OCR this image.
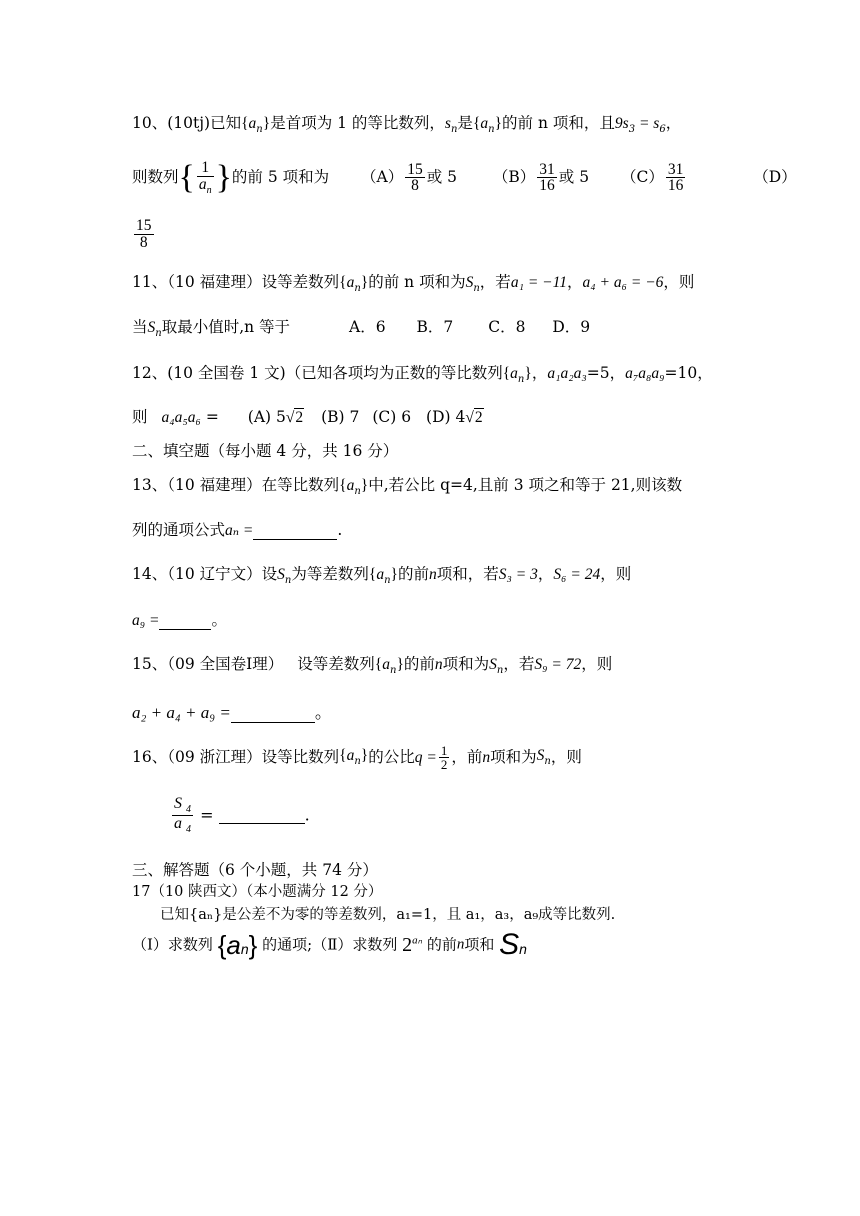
10、(10tj)已知$\{a_n\}$是首项为 1 的等比数列，$s_n$是$\{a_n\}$的前 n 项和，且$9s_3 = s_6$，
则数列{ $\frac{1}{a_n}$ }的前 5 项和为 $(A) \frac{15}{8}$ 或 5 $(B) \frac{31}{16}$ 或 5 $(C) \frac{31}{16}$	（D）
$\frac{15}{8}$
11、（10 福建理）设等差数列$\{a_n\}$的前 n 项和为$S_n$，若a₁ = −11，a₄ + a₆ = −6，则
当$S_n$取最小值时,n 等于	A．6 B．7 C．8 D．9
12、(10 全国卷 1 文)（已知各项均为正数的等比数列$\{a_n\}$，a₁a₂a₃=5，a₇a₈a₉=10，
则 a₄a₅a₆ = (A) 5√2 (B) 7 (C) 6 (D) 4√2
二、填空题（每小题 4 分，共 16 分）
13、（10 福建理）在等比数列$\{a_n\}$中,若公比 q=4,且前 3 项之和等于 21,则该数
列的通项公式aₙ =	.
14、（10 辽宁文）设$S_n$为等差数列$\{a_n\}$的前n项和，若S₃ = 3，S₆ = 24，则
a₉ =	。
15、（09 全国卷Ⅰ理） 设等差数列$\{a_n\}$的前n项和为$S_n$，若S₉ = 72，则
a₂ + a₄ + a₉ =	。
16、（09 浙江理）设等比数列$\{a_n\}$的公比$q = \frac{1}{2}$ ，前n项和为$S_n$，则
$\frac{S _4}{a _4}$ =	.
三、解答题（6 个小题，共 74 分）
17（10 陕西文）（本小题满分 12 分）
已知{aₙ}是公差不为零的等差数列，a₁=1，且 a₁，a₃，a₉成等比数列.
（Ⅰ）求数列 {an} 的通项;（Ⅱ）求数列 $2^{a_n}$ 的前n项和 Sn
